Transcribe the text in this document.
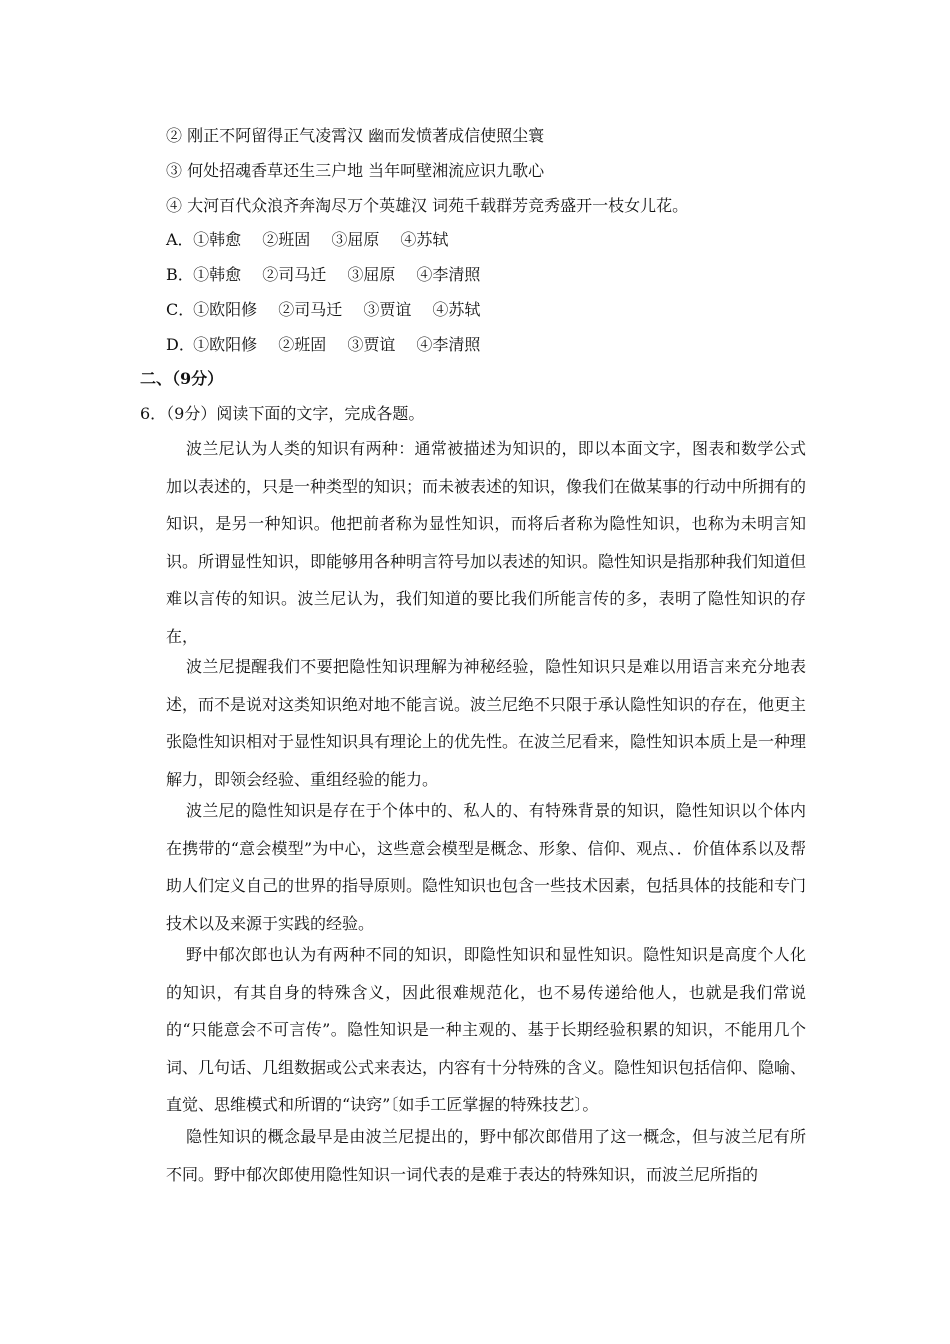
② 刚正不阿留得正气凌霄汉 幽而发愤著成信使照尘寰
③ 何处招魂香草还生三户地 当年呵壁湘流应识九歌心
④ 大河百代众浪齐奔淘尽万个英雄汉 词苑千载群芳竞秀盛开一枝女儿花。
A． ①韩愈 ②班固 ③屈原 ④苏轼
B． ①韩愈 ②司马迁 ③屈原 ④李清照
C． ①欧阳修 ②司马迁 ③贾谊 ④苏轼
D． ①欧阳修 ②班固 ③贾谊 ④李清照
二、（9分）
6．（9分）阅读下面的文字，完成各题。

波兰尼认为人类的知识有两种：通常被描述为知识的，即以本面文字，图表和数学公式加以表述的，只是一种类型的知识；而未被表述的知识，像我们在做某事的行动中所拥有的知识，是另一种知识。他把前者称为显性知识，而将后者称为隐性知识，也称为未明言知识。所谓显性知识，即能够用各种明言符号加以表述的知识。隐性知识是指那种我们知道但难以言传的知识。波兰尼认为，我们知道的要比我们所能言传的多，表明了隐性知识的存在，

波兰尼提醒我们不要把隐性知识理解为神秘经验，隐性知识只是难以用语言来充分地表述，而不是说对这类知识绝对地不能言说。波兰尼绝不只限于承认隐性知识的存在，他更主张隐性知识相对于显性知识具有理论上的优先性。在波兰尼看来，隐性知识本质上是一种理解力，即领会经验、重组经验的能力。

波兰尼的隐性知识是存在于个体中的、私人的、有特殊背景的知识，隐性知识以个体内在携带的“意会模型”为中心，这些意会模型是概念、形象、信仰、观点、．价值体系以及帮助人们定义自己的世界的指导原则。隐性知识也包含一些技术因素，包括具体的技能和专门技术以及来源于实践的经验。

野中郁次郎也认为有两种不同的知识，即隐性知识和显性知识。隐性知识是高度个人化的知识，有其自身的特殊含义，因此很难规范化，也不易传递给他人，也就是我们常说的“只能意会不可言传”。隐性知识是一种主观的、基于长期经验积累的知识，不能用几个词、几句话、几组数据或公式来表达，内容有十分特殊的含义。隐性知识包括信仰、隐喻、直觉、思维模式和所谓的“诀窍”〔如手工匠掌握的特殊技艺〕。

隐性知识的概念最早是由波兰尼提出的，野中郁次郎借用了这一概念，但与波兰尼有所不同。野中郁次郎使用隐性知识一词代表的是难于表达的特殊知识，而波兰尼所指的
